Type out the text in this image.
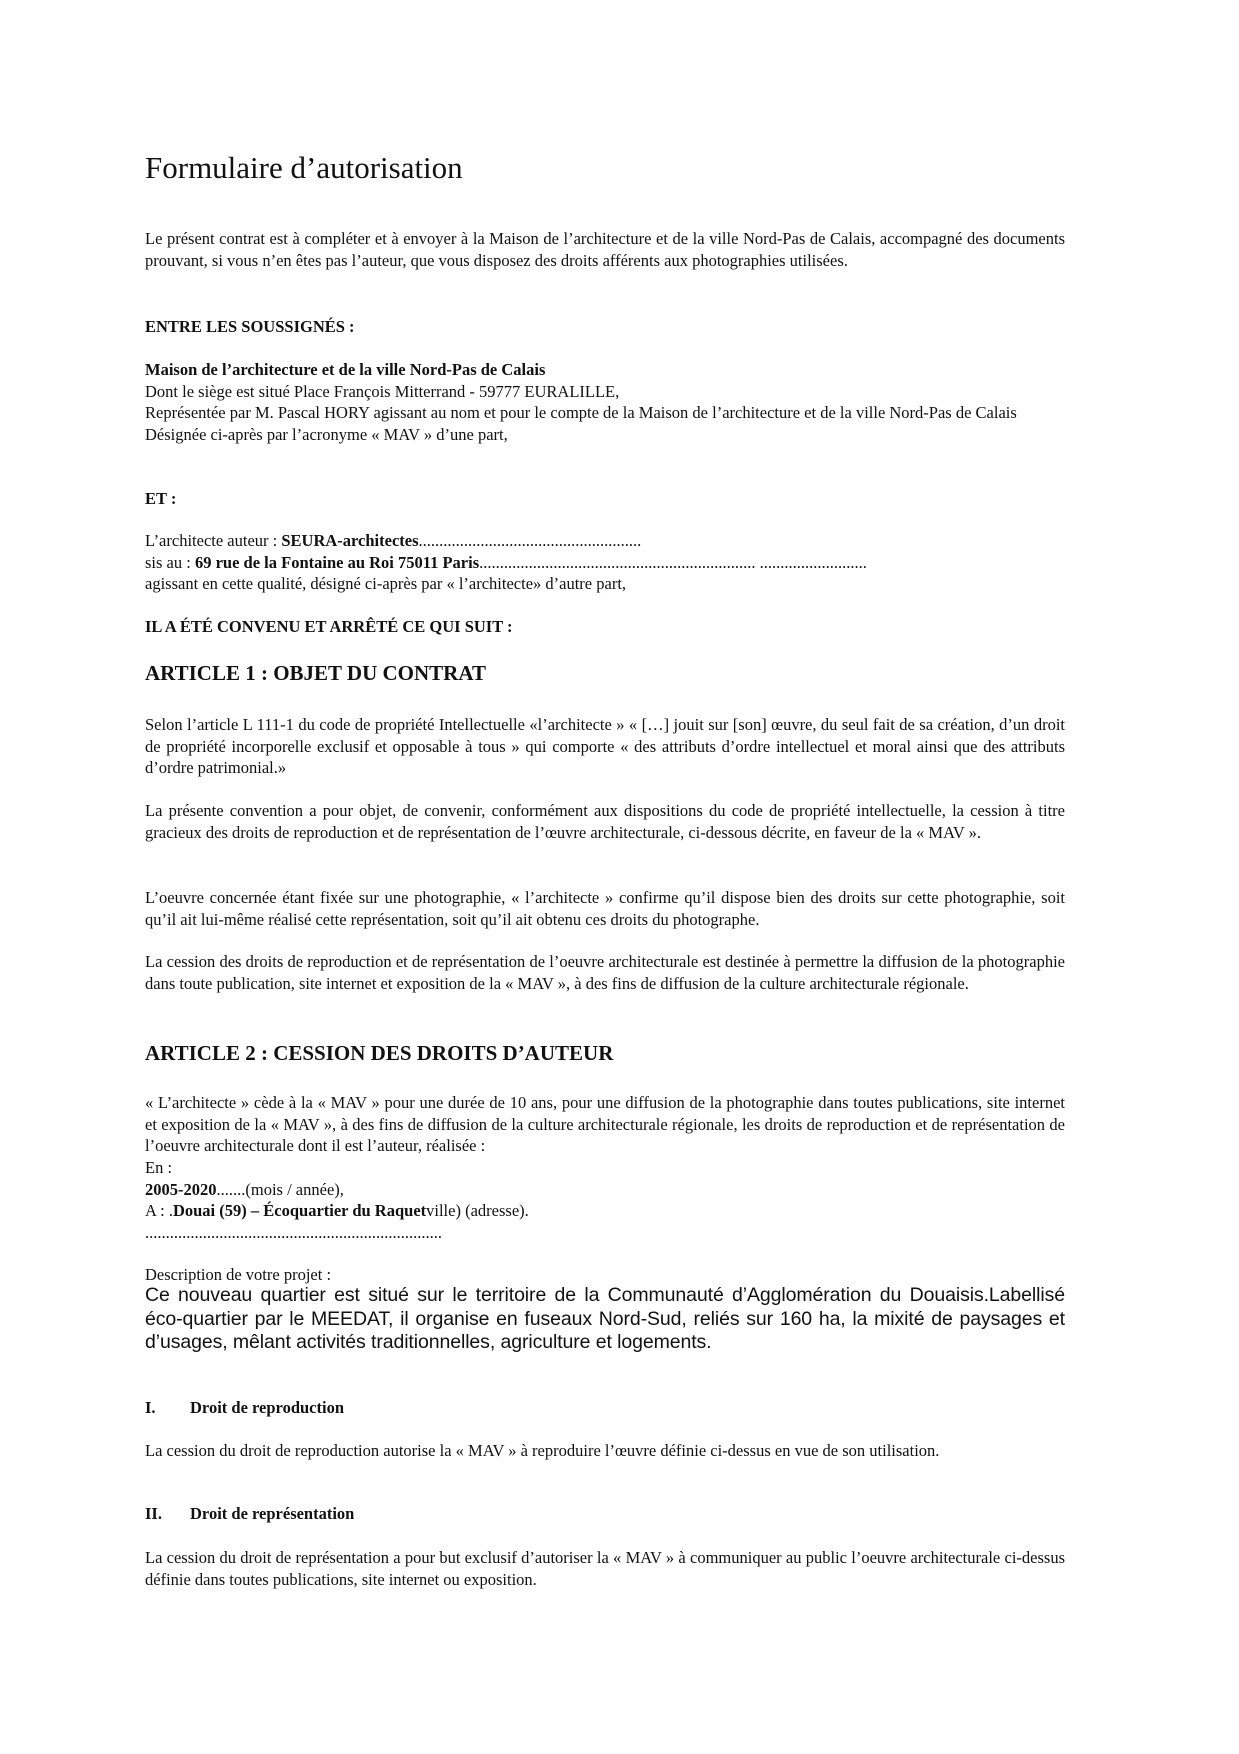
Formulaire d’autorisation

Le présent contrat est à compléter et à envoyer à la Maison de l’architecture et de la ville Nord-Pas de Calais, accompagné des documents prouvant, si vous n’en êtes pas l’auteur, que vous disposez des droits afférents aux photographies utilisées.

ENTRE LES SOUSSIGNÉS :

Maison de l’architecture et de la ville Nord-Pas de Calais

Dont le siège est situé Place François Mitterrand - 59777 EURALILLE,

Représentée par M. Pascal HORY agissant au nom et pour le compte de la Maison de l’architecture et de la ville Nord-Pas de Calais

Désignée ci-après par l’acronyme « MAV » d’une part,

ET :

L’architecte auteur : SEURA-architectes......................................................

sis au : 69 rue de la Fontaine au Roi 75011 Paris................................................................... ..........................

agissant en cette qualité, désigné ci-après par « l’architecte» d’autre part,

IL A ÉTÉ CONVENU ET ARRÊTÉ CE QUI SUIT :

ARTICLE 1 : OBJET DU CONTRAT

Selon l’article L 111-1 du code de propriété Intellectuelle «l’architecte » « […] jouit sur [son] œuvre, du seul fait de sa création, d’un droit de propriété incorporelle exclusif et opposable à tous » qui comporte « des attributs d’ordre intellectuel et moral ainsi que des attributs d’ordre patrimonial.»

La présente convention a pour objet, de convenir, conformément aux dispositions du code de propriété intellectuelle, la cession à titre gracieux des droits de reproduction et de représentation de l’œuvre architecturale, ci-dessous décrite, en faveur de la « MAV ».

L’oeuvre concernée étant fixée sur une photographie, « l’architecte » confirme qu’il dispose bien des droits sur cette photographie, soit qu’il ait lui-même réalisé cette représentation, soit qu’il ait obtenu ces droits du photographe.

La cession des droits de reproduction et de représentation de l’oeuvre architecturale est destinée à permettre la diffusion de la photographie dans toute publication, site internet et exposition de la « MAV », à des fins de diffusion de la culture architecturale régionale.

ARTICLE 2 : CESSION DES DROITS D’AUTEUR

« L’architecte » cède à la « MAV » pour une durée de 10 ans, pour une diffusion de la photographie dans toutes publications, site internet et exposition de la « MAV », à des fins de diffusion de la culture architecturale régionale, les droits de reproduction et de représentation de l’oeuvre architecturale dont il est l’auteur, réalisée :

En :

2005-2020.......(mois / année),

A : .Douai (59) – Écoquartier du Raquetville) (adresse).

........................................................................

Description de votre projet :

Ce nouveau quartier est situé sur le territoire de la Communauté d’Agglomération du Douaisis.Labellisé éco-quartier par le MEEDAT, il organise en fuseaux Nord-Sud, reliés sur 160 ha, la mixité de paysages et d’usages, mêlant activités traditionnelles, agriculture et logements.

I. Droit de reproduction

La cession du droit de reproduction autorise la « MAV » à reproduire l’œuvre définie ci-dessus en vue de son utilisation.

II. Droit de représentation

La cession du droit de représentation a pour but exclusif d’autoriser la « MAV » à communiquer au public l’oeuvre architecturale ci-dessus définie dans toutes publications, site internet ou exposition.
